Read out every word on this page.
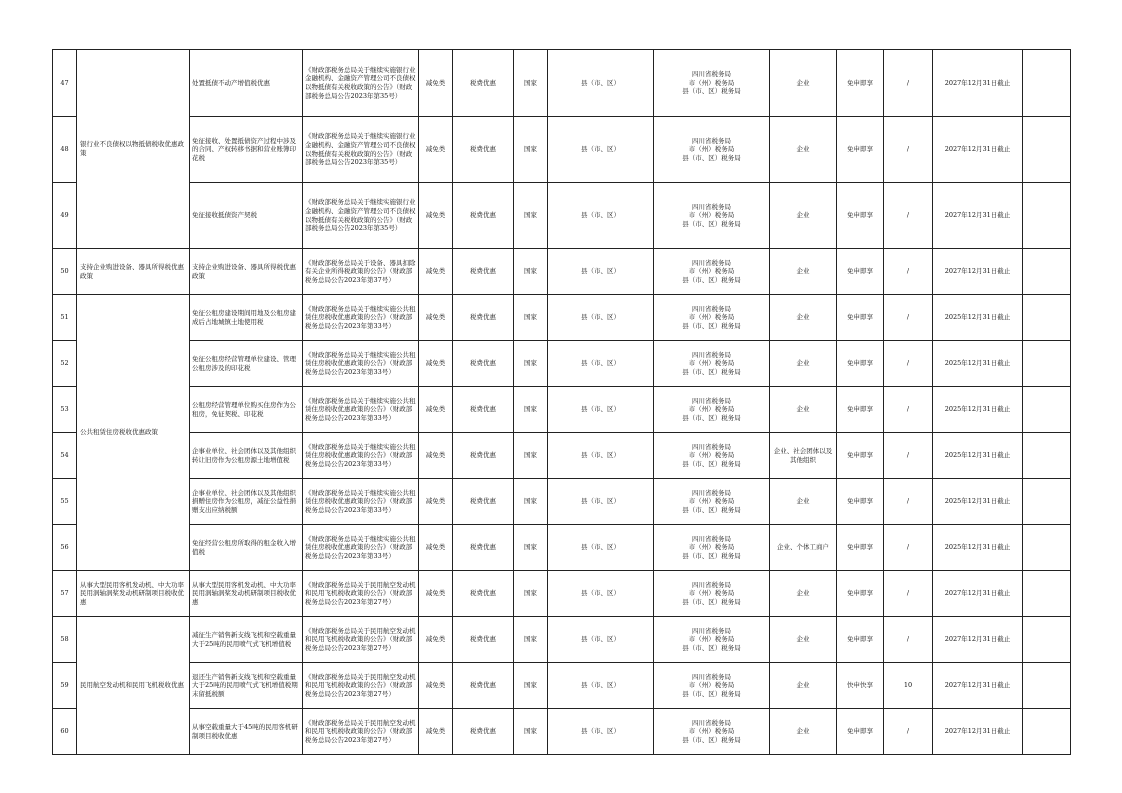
47	银行业不良债权以物抵债税收优惠政策	处置抵债不动产增值税优惠	《财政部税务总局关于继续实施银行业金融机构、金融资产管理公司不良债权以物抵债有关税收政策的公告》（财政部税务总局公告2023年第35号）	减免类	税费优惠	国家	县（市、区）	四川省税务局
市（州）税务局
县（市、区）税务局	企业	免申即享	/	2027年12月31日截止	
48		免征接收、处置抵债资产过程中涉及的合同、产权转移书据和营业账簿印花税	《财政部税务总局关于继续实施银行业金融机构、金融资产管理公司不良债权以物抵债有关税收政策的公告》（财政部税务总局公告2023年第35号）	减免类	税费优惠	国家	县（市、区）	四川省税务局
市（州）税务局
县（市、区）税务局	企业	免申即享	/	2027年12月31日截止	
49		免征接收抵债资产契税	《财政部税务总局关于继续实施银行业金融机构、金融资产管理公司不良债权以物抵债有关税收政策的公告》（财政部税务总局公告2023年第35号）	减免类	税费优惠	国家	县（市、区）	四川省税务局
市（州）税务局
县（市、区）税务局	企业	免申即享	/	2027年12月31日截止	
50	支持企业购进设备、器具所得税优惠政策	支持企业购进设备、器具所得税优惠政策	《财政部税务总局关于设备、器具扣除有关企业所得税政策的公告》（财政部税务总局公告2023年第37号）	减免类	税费优惠	国家	县（市、区）	四川省税务局
市（州）税务局
县（市、区）税务局	企业	免申即享	/	2027年12月31日截止	
51	公共租赁住房税收优惠政策	免征公租房建设期间用地及公租房建成后占地城镇土地使用税	《财政部税务总局关于继续实施公共租赁住房税收优惠政策的公告》（财政部 税务总局公告2023年第33号）	减免类	税费优惠	国家	县（市、区）	四川省税务局
市（州）税务局
县（市、区）税务局	企业	免申即享	/	2025年12月31日截止	
52		免征公租房经营管理单位建设、管理公租房涉及的印花税	《财政部税务总局关于继续实施公共租赁住房税收优惠政策的公告》（财政部 税务总局公告2023年第33号）	减免类	税费优惠	国家	县（市、区）	四川省税务局
市（州）税务局
县（市、区）税务局	企业	免申即享	/	2025年12月31日截止	
53		公租房经营管理单位购买住房作为公租房，免征契税、印花税	《财政部税务总局关于继续实施公共租赁住房税收优惠政策的公告》（财政部 税务总局公告2023年第33号）	减免类	税费优惠	国家	县（市、区）	四川省税务局
市（州）税务局
县（市、区）税务局	企业	免申即享	/	2025年12月31日截止	
54		企事业单位、社会团体以及其他组织转让旧房作为公租房源土地增值税	《财政部税务总局关于继续实施公共租赁住房税收优惠政策的公告》（财政部 税务总局公告2023年第33号）	减免类	税费优惠	国家	县（市、区）	四川省税务局
市（州）税务局
县（市、区）税务局	企业、社会团体以及其他组织	免申即享	/	2025年12月31日截止	
55		企事业单位、社会团体以及其他组织捐赠住房作为公租房，减征公益性捐赠支出应纳税额	《财政部税务总局关于继续实施公共租赁住房税收优惠政策的公告》（财政部 税务总局公告2023年第33号）	减免类	税费优惠	国家	县（市、区）	四川省税务局
市（州）税务局
县（市、区）税务局	企业	免申即享	/	2025年12月31日截止	
56		免征经营公租房所取得的租金收入增值税	《财政部税务总局关于继续实施公共租赁住房税收优惠政策的公告》（财政部 税务总局公告2023年第33号）	减免类	税费优惠	国家	县（市、区）	四川省税务局
市（州）税务局
县（市、区）税务局	企业、个体工商户	免申即享	/	2025年12月31日截止	
57	从事大型民用客机发动机、中大功率民用涡轴涡桨发动机研制项目税收优惠	从事大型民用客机发动机、中大功率民用涡轴涡桨发动机研制项目税收优惠	《财政部税务总局关于民用航空发动机和民用飞机税收政策的公告》（财政部税务总局公告2023年第27号）	减免类	税费优惠	国家	县（市、区）	四川省税务局
市（州）税务局
县（市、区）税务局	企业	免申即享	/	2027年12月31日截止	
58	民用航空发动机和民用飞机税收优惠	减征生产销售新支线飞机和空载重量大于25吨的民用喷气式飞机增值税	《财政部税务总局关于民用航空发动机和民用飞机税收政策的公告》（财政部税务总局公告2023年第27号）	减免类	税费优惠	国家	县（市、区）	四川省税务局
市（州）税务局
县（市、区）税务局	企业	免申即享	/	2027年12月31日截止	
59		退还生产销售新支线飞机和空载重量大于25吨的民用喷气式飞机增值税期末留抵税额	《财政部税务总局关于民用航空发动机和民用飞机税收政策的公告》（财政部税务总局公告2023年第27号）	减免类	税费优惠	国家	县（市、区）	四川省税务局
市（州）税务局
县（市、区）税务局	企业	快申快享	10	2027年12月31日截止	
60		从事空载重量大于45吨的民用客机研制项目税收优惠	《财政部税务总局关于民用航空发动机和民用飞机税收政策的公告》（财政部税务总局公告2023年第27号）	减免类	税费优惠	国家	县（市、区）	四川省税务局
市（州）税务局
县（市、区）税务局	企业	免申即享	/	2027年12月31日截止	
